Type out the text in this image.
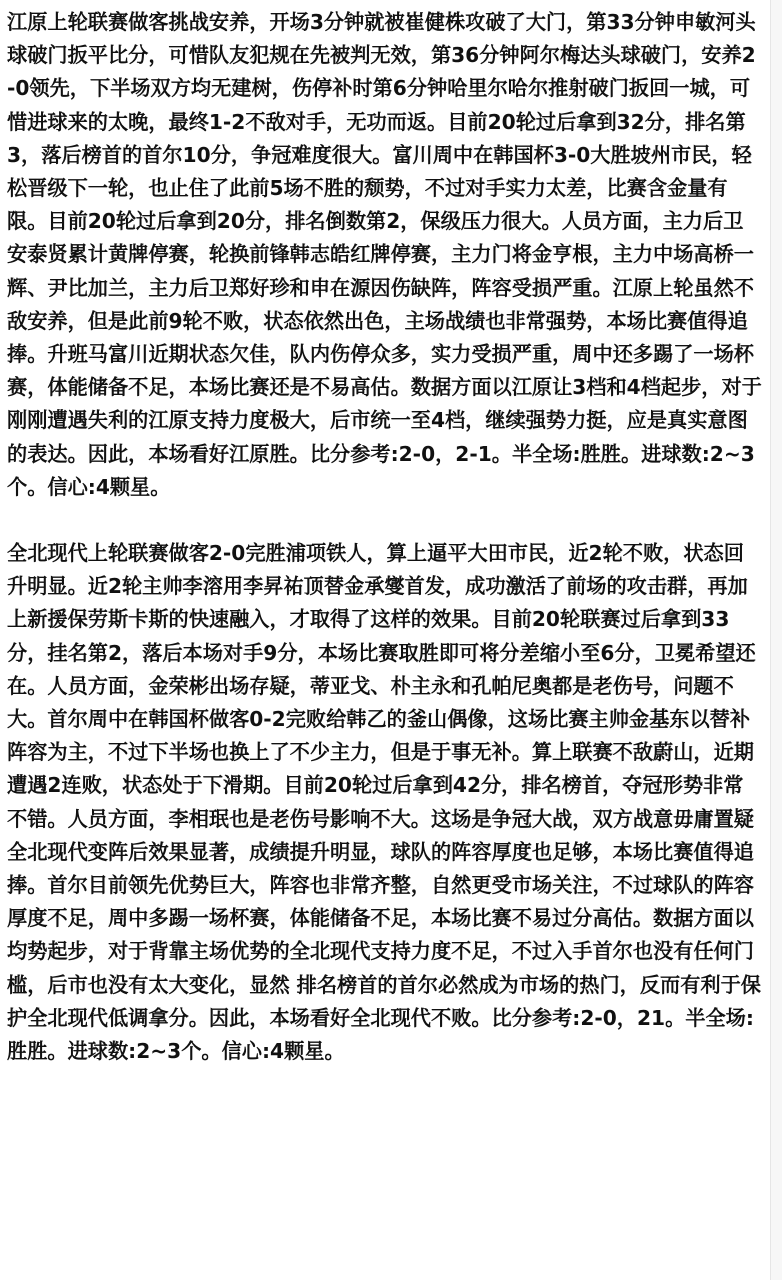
江原上轮联赛做客挑战安养，开场3分钟就被崔健株攻破了大门，第33分钟申敏河头球破门扳平比分，可惜队友犯规在先被判无效，第36分钟阿尔梅达头球破门，安养2-0领先，下半场双方均无建树，伤停补时第6分钟哈里尔哈尔推射破门扳回一城，可惜进球来的太晚，最终1-2不敌对手，无功而返。目前20轮过后拿到32分，排名第3，落后榜首的首尔10分，争冠难度很大。富川周中在韩国杯3-0大胜坡州市民，轻松晋级下一轮，也止住了此前5场不胜的颓势，不过对手实力太差，比赛含金量有限。目前20轮过后拿到20分，排名倒数第2，保级压力很大。人员方面，主力后卫安泰贤累计黄牌停赛，轮换前锋韩志皓红牌停赛，主力门将金亨根，主力中场高桥一辉、尹比加兰，主力后卫郑好珍和申在源因伤缺阵，阵容受损严重。江原上轮虽然不敌安养，但是此前9轮不败，状态依然出色，主场战绩也非常强势，本场比赛值得追捧。升班马富川近期状态欠佳，队内伤停众多，实力受损严重，周中还多踢了一场杯赛，体能储备不足，本场比赛还是不易高估。数据方面以江原让3档和4档起步，对于刚刚遭遇失利的江原支持力度极大，后市统一至4档，继续强势力挺，应是真实意图的表达。因此，本场看好江原胜。比分参考:2-0，2-1。半全场:胜胜。进球数:2~3个。信心:4颗星。

全北现代上轮联赛做客2-0完胜浦项铁人，算上逼平大田市民，近2轮不败，状态回升明显。近2轮主帅李溶用李昇祐顶替金承燮首发，成功激活了前场的攻击群，再加上新援保劳斯卡斯的快速融入，才取得了这样的效果。目前20轮联赛过后拿到33分，挂名第2，落后本场对手9分，本场比赛取胜即可将分差缩小至6分，卫冕希望还在。人员方面，金荣彬出场存疑，蒂亚戈、朴主永和孔帕尼奥都是老伤号，问题不大。首尔周中在韩国杯做客0-2完败给韩乙的釜山偶像，这场比赛主帅金基东以替补阵容为主，不过下半场也换上了不少主力，但是于事无补。算上联赛不敌蔚山，近期遭遇2连败，状态处于下滑期。目前20轮过后拿到42分，排名榜首，夺冠形势非常不错。人员方面，李相珉也是老伤号影响不大。这场是争冠大战，双方战意毋庸置疑全北现代变阵后效果显著，成绩提升明显，球队的阵容厚度也足够，本场比赛值得追捧。首尔目前领先优势巨大，阵容也非常齐整，自然更受市场关注，不过球队的阵容厚度不足，周中多踢一场杯赛，体能储备不足，本场比赛不易过分高估。数据方面以均势起步，对于背靠主场优势的全北现代支持力度不足，不过入手首尔也没有任何门槛，后市也没有太大变化，显然 排名榜首的首尔必然成为市场的热门，反而有利于保护全北现代低调拿分。因此，本场看好全北现代不败。比分参考:2-0，21。半全场:胜胜。进球数:2~3个。信心:4颗星。
